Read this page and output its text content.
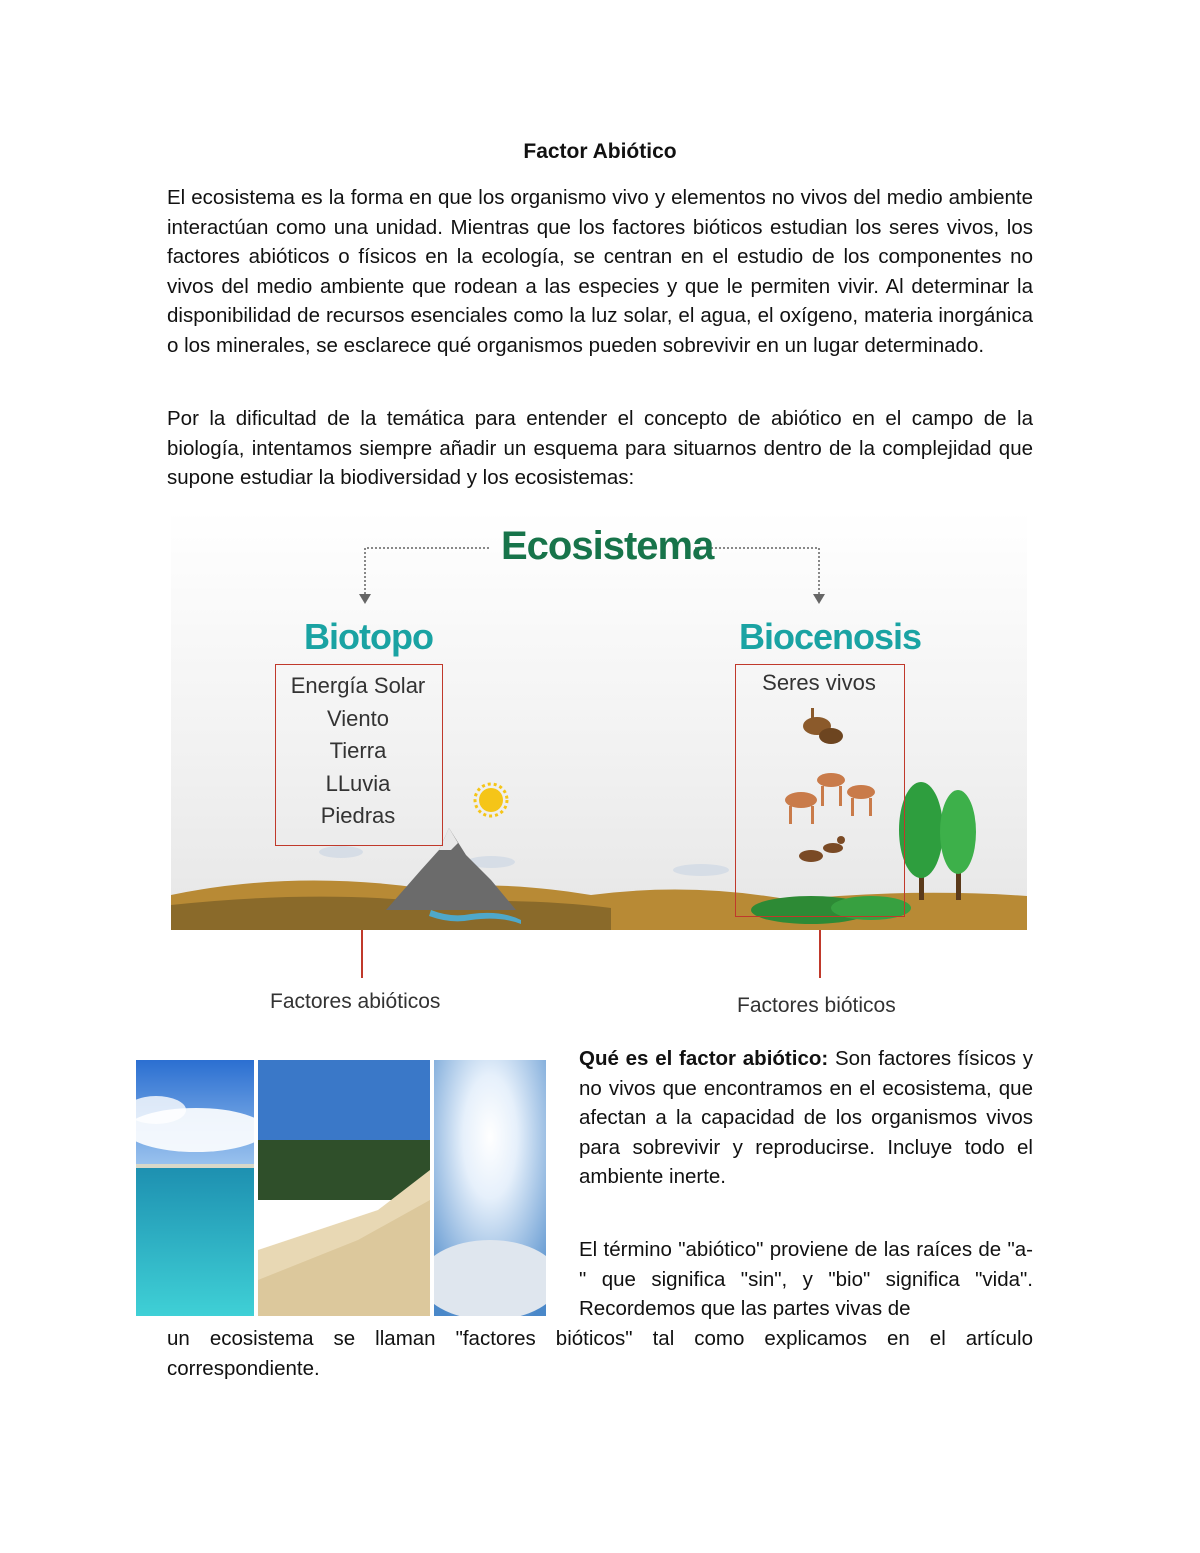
Factor Abiótico

El ecosistema es la forma en que los organismo vivo y elementos no vivos del medio ambiente interactúan como una unidad. Mientras que los factores bióticos estudian los seres vivos, los factores abióticos o físicos en la ecología, se centran en el estudio de los componentes no vivos del medio ambiente que rodean a las especies y que le permiten vivir. Al determinar la disponibilidad de recursos esenciales como la luz solar, el agua, el oxígeno, materia inorgánica o los minerales, se esclarece qué organismos pueden sobrevivir en un lugar determinado.

Por la dificultad de la temática para entender el concepto de abiótico en el campo de la biología, intentamos siempre añadir un esquema para situarnos dentro de la complejidad que supone estudiar la biodiversidad y los ecosistemas:

Ecosistema
Biotopo	Biocenosis
Energía Solar
Viento
Tierra
LLuvia
Piedras
Seres vivos
Factores abióticos	Factores bióticos

Qué es el factor abiótico: Son factores físicos y no vivos que encontramos en el ecosistema, que afectan a la capacidad de los organismos vivos para sobrevivir y reproducirse. Incluye todo el ambiente inerte.

El término "abiótico" proviene de las raíces de "a-" que significa "sin", y "bio" significa "vida". Recordemos que las partes vivas de

un ecosistema se llaman "factores bióticos" tal como explicamos en el artículo correspondiente.
